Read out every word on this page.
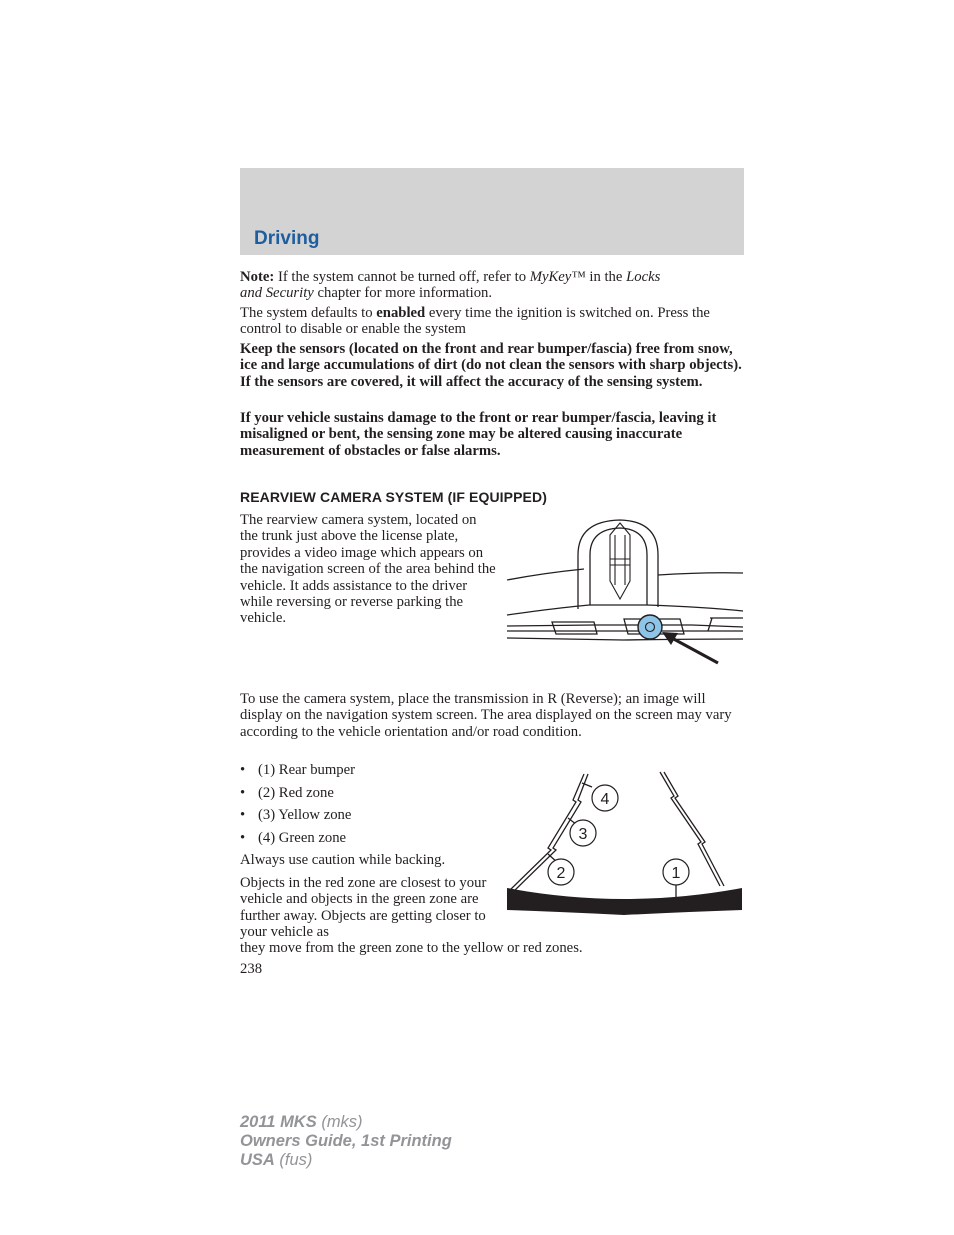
Driving

Note: If the system cannot be turned off, refer to MyKey™ in the Locks
and Security chapter for more information.

The system defaults to enabled every time the ignition is switched on. Press the control to disable or enable the system

Keep the sensors (located on the front and rear bumper/fascia) free from snow, ice and large accumulations of dirt (do not clean the sensors with sharp objects). If the sensors are covered, it will affect the accuracy of the sensing system.

If your vehicle sustains damage to the front or rear bumper/fascia, leaving it misaligned or bent, the sensing zone may be altered causing inaccurate measurement of obstacles or false alarms.

REARVIEW CAMERA SYSTEM (IF EQUIPPED)

The rearview camera system, located on the trunk just above the license plate, provides a video image which appears on the navigation screen of the area behind the vehicle. It adds assistance to the driver while reversing or reverse parking the vehicle.

To use the camera system, place the transmission in R (Reverse); an image will display on the navigation system screen. The area displayed on the screen may vary according to the vehicle orientation and/or road condition.

• (1) Rear bumper
• (2) Red zone
• (3) Yellow zone
• (4) Green zone

Always use caution while backing.

Objects in the red zone are closest to your vehicle and objects in the green zone are further away. Objects are getting closer to your vehicle as

they move from the green zone to the yellow or red zones.

4
3
2	1
238
2011 MKS (mks)
Owners Guide, 1st Printing
USA (fus)
